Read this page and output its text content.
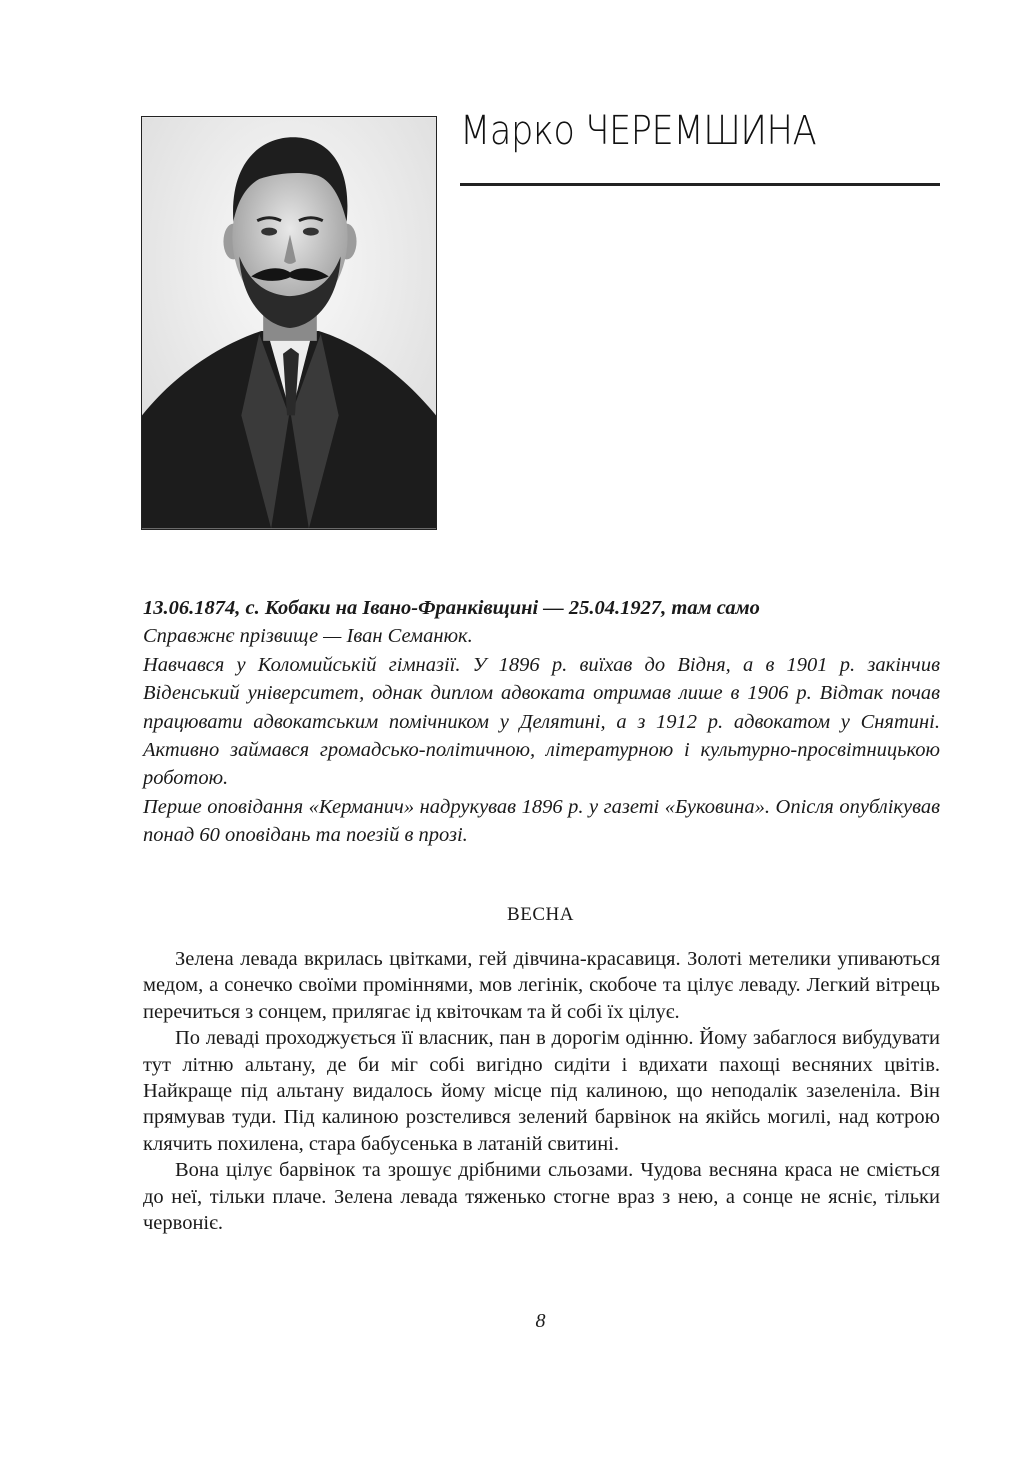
Марко ЧЕРЕМШИНА

13.06.1874, с. Кобаки на Івано-Франківщині — 25.04.1927, там само

Справжнє прізвище — Іван Семанюк.

Навчався у Коломийській гімназії. У 1896 р. виїхав до Відня, а в 1901 р. закінчив Віденський університет, однак диплом адвоката отримав лише в 1906 р. Відтак почав працювати адвокатським помічником у Делятині, а з 1912 р. адвокатом у Снятині. Активно займався громадсько-політичною, літературною і культурно-просвітницькою роботою.

Перше оповідання «Керманич» надрукував 1896 р. у газеті «Буковина». Опісля опублікував понад 60 оповідань та поезій в прозі.

ВЕСНА

Зелена левада вкрилась цвітками, гей дівчина-красавиця. Золоті метелики упиваються медом, а сонечко своїми проміннями, мов легінік, скобоче та цілує леваду. Легкий вітрець перечиться з сонцем, прилягає ід квіточкам та й собі їх цілує.

По леваді проходжується її власник, пан в дорогім одінню. Йому забаглося вибудувати тут літню альтану, де би міг собі вигідно сидіти і вдихати пахощі весняних цвітів. Найкраще під альтану видалось йому місце під калиною, що неподалік зазеленіла. Він прямував туди. Під калиною розстелився зелений барвінок на якійсь могилі, над котрою клячить похилена, стара бабусенька в латаній свитині.

Вона цілує барвінок та зрошує дрібними сльозами. Чудова весняна краса не сміється до неї, тільки плаче. Зелена левада тяженько стогне враз з нею, а сонце не яснiє, тільки червонiє.

8
